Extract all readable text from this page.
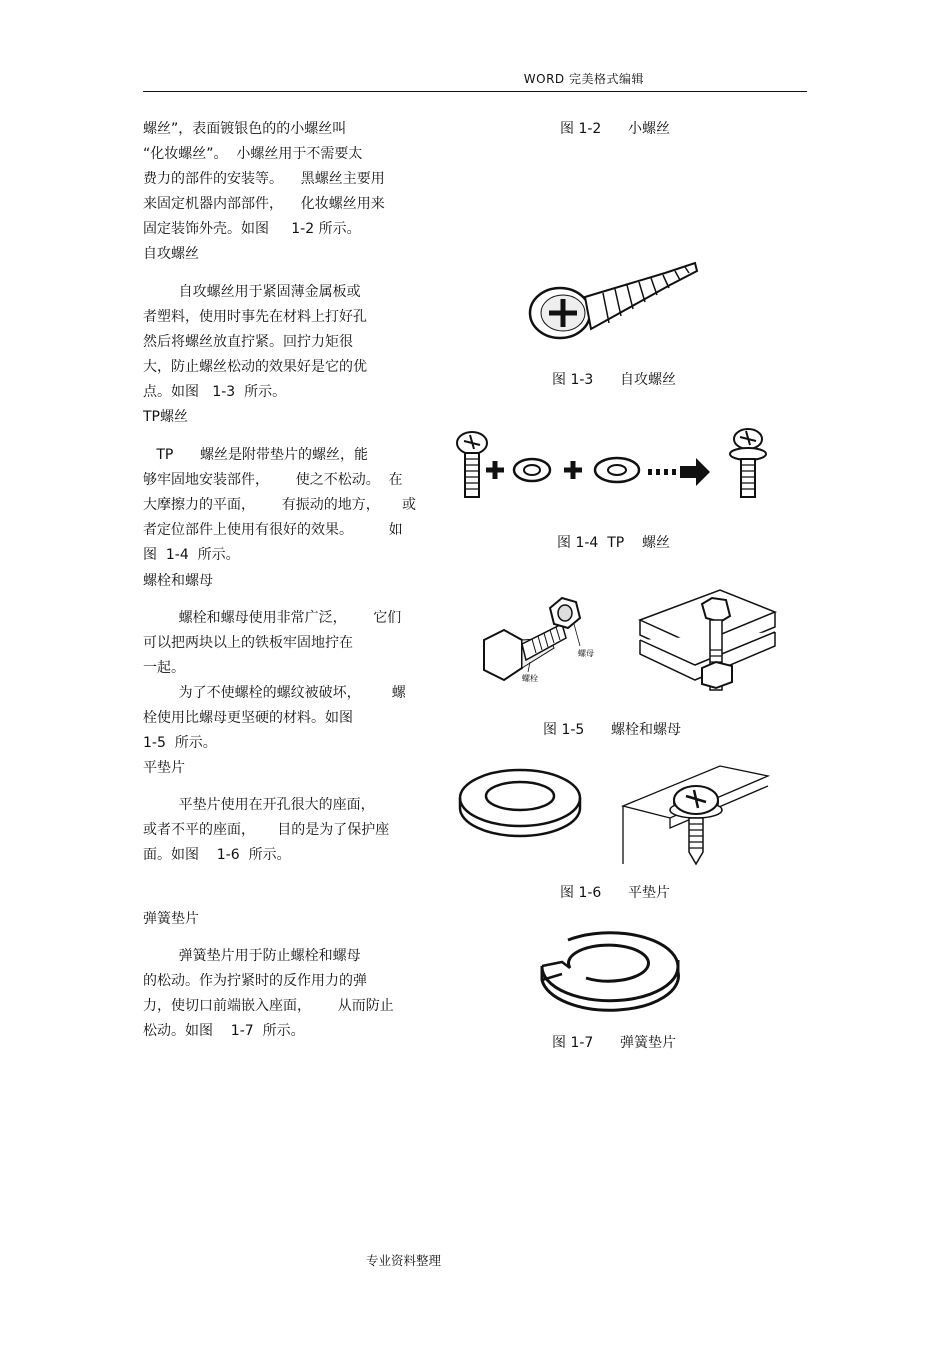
WORD 完美格式编辑
螺丝”，表面镀银色的的小螺丝叫
“化妆螺丝”。  小螺丝用于不需要太
费力的部件的安装等。    黑螺丝主要用
来固定机器内部部件，    化妆螺丝用来
固定装饰外壳。如图     1-2 所示。
自攻螺丝
自攻螺丝用于紧固薄金属板或
者塑料，使用时事先在材料上打好孔
然后将螺丝放直拧紧。回拧力矩很
大，防止螺丝松动的效果好是它的优
点。如图   1-3  所示。
TP螺丝
TP      螺丝是附带垫片的螺丝，能
够牢固地安装部件，      使之不松动。  在
大摩擦力的平面，      有振动的地方，     或
者定位部件上使用有很好的效果。        如
图  1-4  所示。
螺栓和螺母
螺栓和螺母使用非常广泛，      它们
可以把两块以上的铁板牢固地拧在
一起。
为了不使螺栓的螺纹被破坏，       螺
栓使用比螺母更坚硬的材料。如图
1-5  所示。
平垫片
平垫片使用在开孔很大的座面，
或者不平的座面，     目的是为了保护座
面。如图    1-6  所示。
弹簧垫片
弹簧垫片用于防止螺栓和螺母
的松动。作为拧紧时的反作用力的弹
力，使切口前端嵌入座面，      从而防止
松动。如图    1-7  所示。
图 1-2      小螺丝
图 1-3      自攻螺丝
图 1-4  TP    螺丝
图 1-5      螺栓和螺母
图 1-6      平垫片
图 1-7      弹簧垫片
螺栓
螺母
专业资料整理
